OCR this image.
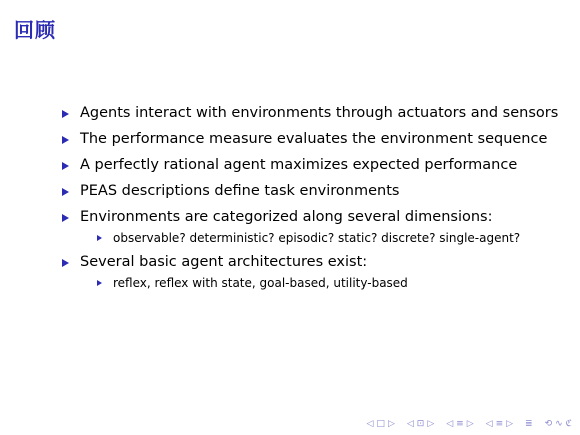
回顾
Agents interact with environments through actuators and sensors
The performance measure evaluates the environment sequence
A perfectly rational agent maximizes expected performance
PEAS descriptions define task environments
Environments are categorized along several dimensions:
observable? deterministic? episodic? static? discrete? single-agent?
Several basic agent architectures exist:
reflex, reflex with state, goal-based, utility-based
◁ □ ▷ ◁ ⊡ ▷ ◁ ≡ ▷ ◁ ≡ ▷ ≣ ⟲ ∿ ℭ
